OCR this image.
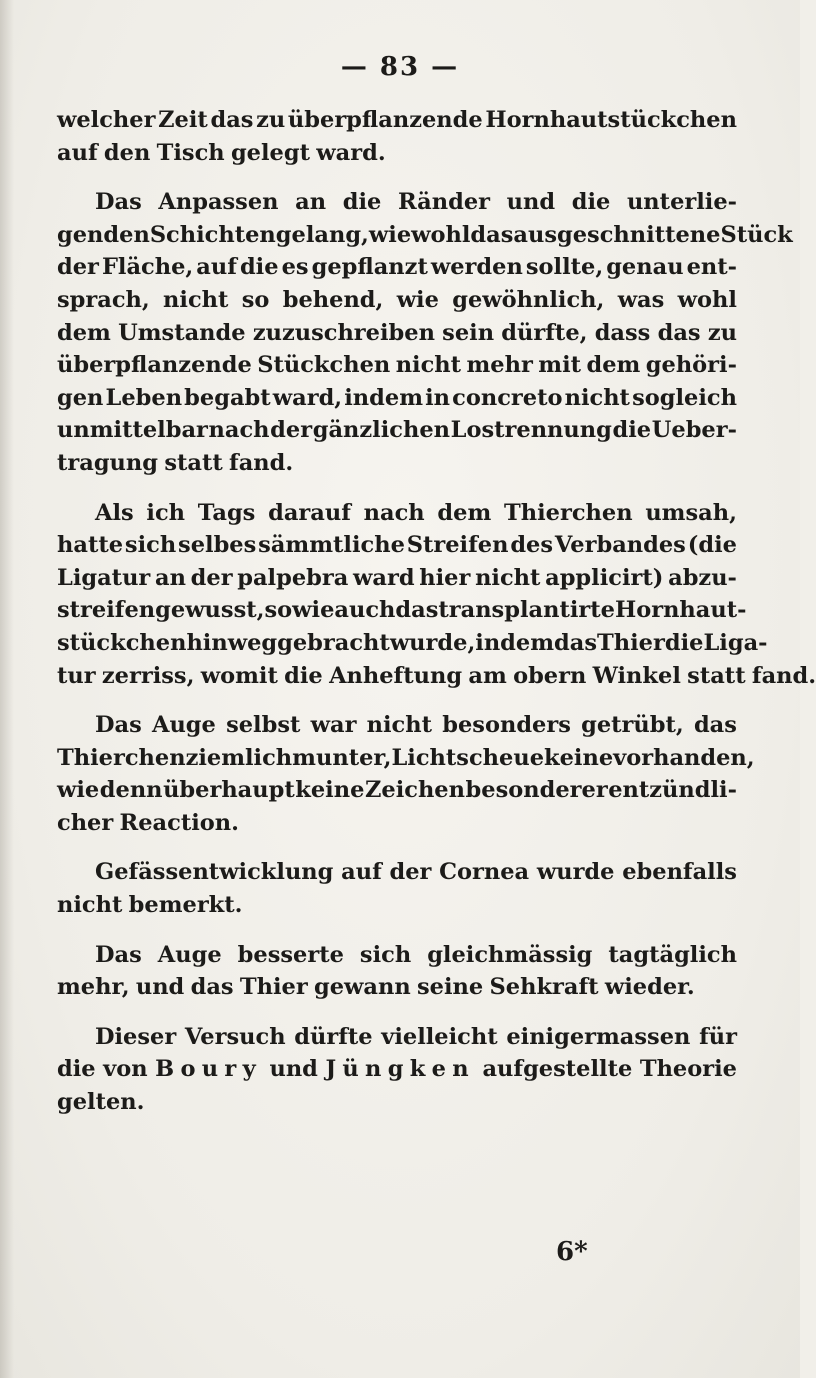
— 83 —
welcher Zeit das zu überpflanzende Hornhautstückchen
auf den Tisch gelegt ward.
Das Anpassen an die Ränder und die unterlie-
genden Schichten gelang, wiewohl das ausgeschnittene Stück
der Fläche, auf die es gepflanzt werden sollte, genau ent-
sprach, nicht so behend, wie gewöhnlich, was wohl
dem Umstande zuzuschreiben sein dürfte, dass das zu
überpflanzende Stückchen nicht mehr mit dem gehöri-
gen Leben begabt ward, indem in concreto nicht sogleich
unmittelbar nach der gänzlichen Lostrennung die Ueber-
tragung statt fand.
Als ich Tags darauf nach dem Thierchen umsah,
hatte sich selbes sämmtliche Streifen des Verbandes (die
Ligatur an der palpebra ward hier nicht applicirt) abzu-
streifen gewusst, sowie auch das transplantirte Hornhaut-
stückchen hinweggebracht wurde, indem das Thier die Liga-
tur zerriss, womit die Anheftung am obern Winkel statt fand.
Das Auge selbst war nicht besonders getrübt, das
Thierchen ziemlich munter, Lichtscheue keine vorhanden,
wie denn überhaupt keine Zeichen besonderer entzündli-
cher Reaction.
Gefässentwicklung auf der Cornea wurde ebenfalls
nicht bemerkt.
Das Auge besserte sich gleichmässig tagtäglich
mehr, und das Thier gewann seine Sehkraft wieder.
Dieser Versuch dürfte vielleicht einigermassen für
die von Boury und Jüngken aufgestellte Theorie
gelten.
6*
